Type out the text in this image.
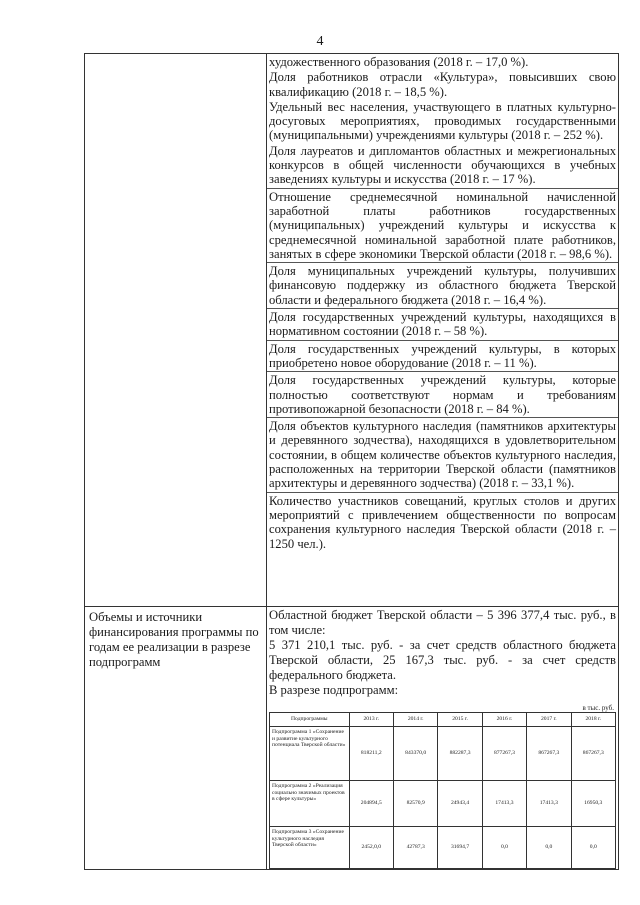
4

художественного образования (2018 г. – 17,0 %).

Доля работников отрасли «Культура», повысивших свою квалификацию (2018 г. – 18,5 %).

Удельный вес населения, участвующего в платных культурно-досуговых мероприятиях, проводимых государственными (муниципальными) учреждениями культуры (2018 г. – 252 %).

Доля лауреатов и дипломантов областных и межрегиональных конкурсов в общей численности обучающихся в учебных заведениях культуры и искусства (2018 г. – 17 %).

Отношение среднемесячной номинальной начисленной заработной платы работников государственных (муниципальных) учреждений культуры и искусства к среднемесячной номинальной заработной плате работников, занятых в сфере экономики Тверской области (2018 г. – 98,6 %).

Доля муниципальных учреждений культуры, получивших финансовую поддержку из областного бюджета Тверской области и федерального бюджета (2018 г. – 16,4 %).

Доля государственных учреждений культуры, находящихся в нормативном состоянии (2018 г. – 58 %).

Доля государственных учреждений культуры, в которых приобретено новое оборудование (2018 г. – 11 %).

Доля государственных учреждений культуры, которые полностью соответствуют нормам и требованиям противопожарной безопасности (2018 г. – 84 %).

Доля объектов культурного наследия (памятников архитектуры и деревянного зодчества), находящихся в удовлетворительном состоянии, в общем количестве объектов культурного наследия, расположенных на территории Тверской области (памятников архитектуры и деревянного зодчества) (2018 г. – 33,1 %).

Количество участников совещаний, круглых столов и других мероприятий с привлечением общественности по вопросам сохранения культурного наследия Тверской области (2018 г. – 1250 чел.).

Объемы и источники финансирования программы по годам ее реализации в разрезе подпрограмм	

Областной бюджет Тверской области – 5 396 377,4 тыс. руб., в том числе:

5 371 210,1 тыс. руб. - за счет средств областного бюджета Тверской области, 25 167,3 тыс. руб. - за счет средств федерального бюджета.

В разрезе подпрограмм:

в тыс. руб.
Подпрограммы	2013 г.	2014 г.	2015 г.	2016 г.	2017 г.	2018 г.
Подпрограмма 1 «Сохранение и развитие культурного потенциала Тверской области»	818211,2	843370,0	882287,3	877267,3	867267,3	867267,3
Подпрограмма 2 «Реализация социально значимых проектов в сфере культуры»	204894,5	82570,9	24943,4	17413,3	17413,3	16950,3
Подпрограмма 3 «Сохранение культурного наследия Тверской области»	2452,0,0	42787,3	31694,7	0,0	0,0	0,0
